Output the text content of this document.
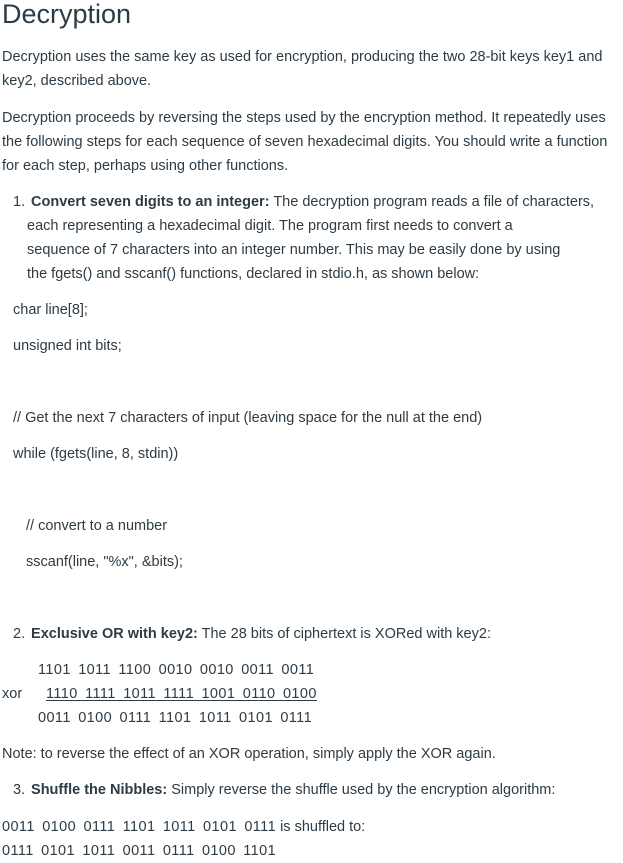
Decryption
Decryption uses the same key as used for encryption, producing the two 28-bit keys key1 and key2, described above.
Decryption proceeds by reversing the steps used by the encryption method. It repeatedly uses the following steps for each sequence of seven hexadecimal digits. You should write a function for each step, perhaps using other functions.
1. Convert seven digits to an integer: The decryption program reads a file of characters,
each representing a hexadecimal digit. The program first needs to convert a
sequence of 7 characters into an integer number. This may be easily done by using
the fgets() and sscanf() functions, declared in stdio.h, as shown below:
char line[8];
unsigned int bits;
// Get the next 7 characters of input (leaving space for the null at the end)
while (fgets(line, 8, stdin))
// convert to a number
sscanf(line, "%x", &bits);
2. Exclusive OR with key2: The 28 bits of ciphertext is XORed with key2:
1101 1011 1100 0010 0010 0011 0011
xor 1110 1111 1011 1111 1001 0110 0100
0011 0100 0111 1101 1011 0101 0111
Note: to reverse the effect of an XOR operation, simply apply the XOR again.
3. Shuffle the Nibbles: Simply reverse the shuffle used by the encryption algorithm:
0011 0100 0111 1101 1011 0101 0111 is shuffled to:
0111 0101 1011 0011 0111 0100 1101
